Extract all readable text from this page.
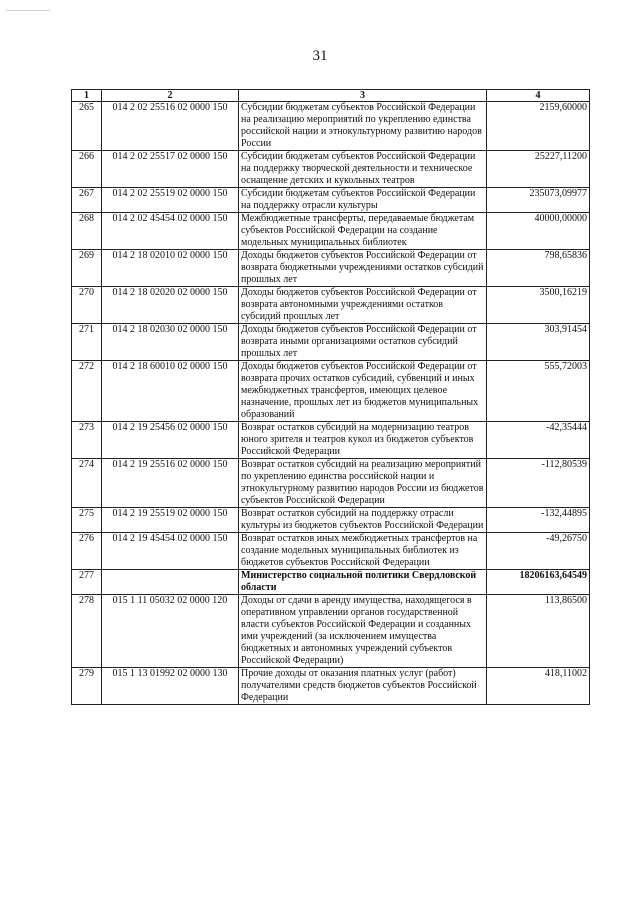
31
1	2	3	4
265	014 2 02 25516 02 0000 150	Субсидии бюджетам субъектов Российской Федерации на реализацию мероприятий по укреплению единства российской нации и этнокультурному развитию народов России	2159,60000
266	014 2 02 25517 02 0000 150	Субсидии бюджетам субъектов Российской Федерации на поддержку творческой деятельности и техническое оснащение детских и кукольных театров	25227,11200
267	014 2 02 25519 02 0000 150	Субсидии бюджетам субъектов Российской Федерации на поддержку отрасли культуры	235073,09977
268	014 2 02 45454 02 0000 150	Межбюджетные трансферты, передаваемые бюджетам субъектов Российской Федерации на создание модельных муниципальных библиотек	40000,00000
269	014 2 18 02010 02 0000 150	Доходы бюджетов субъектов Российской Федерации от возврата бюджетными учреждениями остатков субсидий прошлых лет	798,65836
270	014 2 18 02020 02 0000 150	Доходы бюджетов субъектов Российской Федерации от возврата автономными учреждениями остатков субсидий прошлых лет	3500,16219
271	014 2 18 02030 02 0000 150	Доходы бюджетов субъектов Российской Федерации от возврата иными организациями остатков субсидий прошлых лет	303,91454
272	014 2 18 60010 02 0000 150	Доходы бюджетов субъектов Российской Федерации от возврата прочих остатков субсидий, субвенций и иных межбюджетных трансфертов, имеющих целевое назначение, прошлых лет из бюджетов муниципальных образований	555,72003
273	014 2 19 25456 02 0000 150	Возврат остатков субсидий на модернизацию театров юного зрителя и театров кукол из бюджетов субъектов Российской Федерации	-42,35444
274	014 2 19 25516 02 0000 150	Возврат остатков субсидий на реализацию мероприятий по укреплению единства российской нации и этнокультурному развитию народов России из бюджетов субъектов Российской Федерации	-112,80539
275	014 2 19 25519 02 0000 150	Возврат остатков субсидий на поддержку отрасли культуры из бюджетов субъектов Российской Федерации	-132,44895
276	014 2 19 45454 02 0000 150	Возврат остатков иных межбюджетных трансфертов на создание модельных муниципальных библиотек из бюджетов субъектов Российской Федерации	-49,26750
277		Министерство социальной политики Свердловской области	18206163,64549
278	015 1 11 05032 02 0000 120	Доходы от сдачи в аренду имущества, находящегося в оперативном управлении органов государственной власти субъектов Российской Федерации и созданных ими учреждений (за исключением имущества бюджетных и автономных учреждений субъектов Российской Федерации)	113,86500
279	015 1 13 01992 02 0000 130	Прочие доходы от оказания платных услуг (работ) получателями средств бюджетов субъектов Российской Федерации	418,11002
